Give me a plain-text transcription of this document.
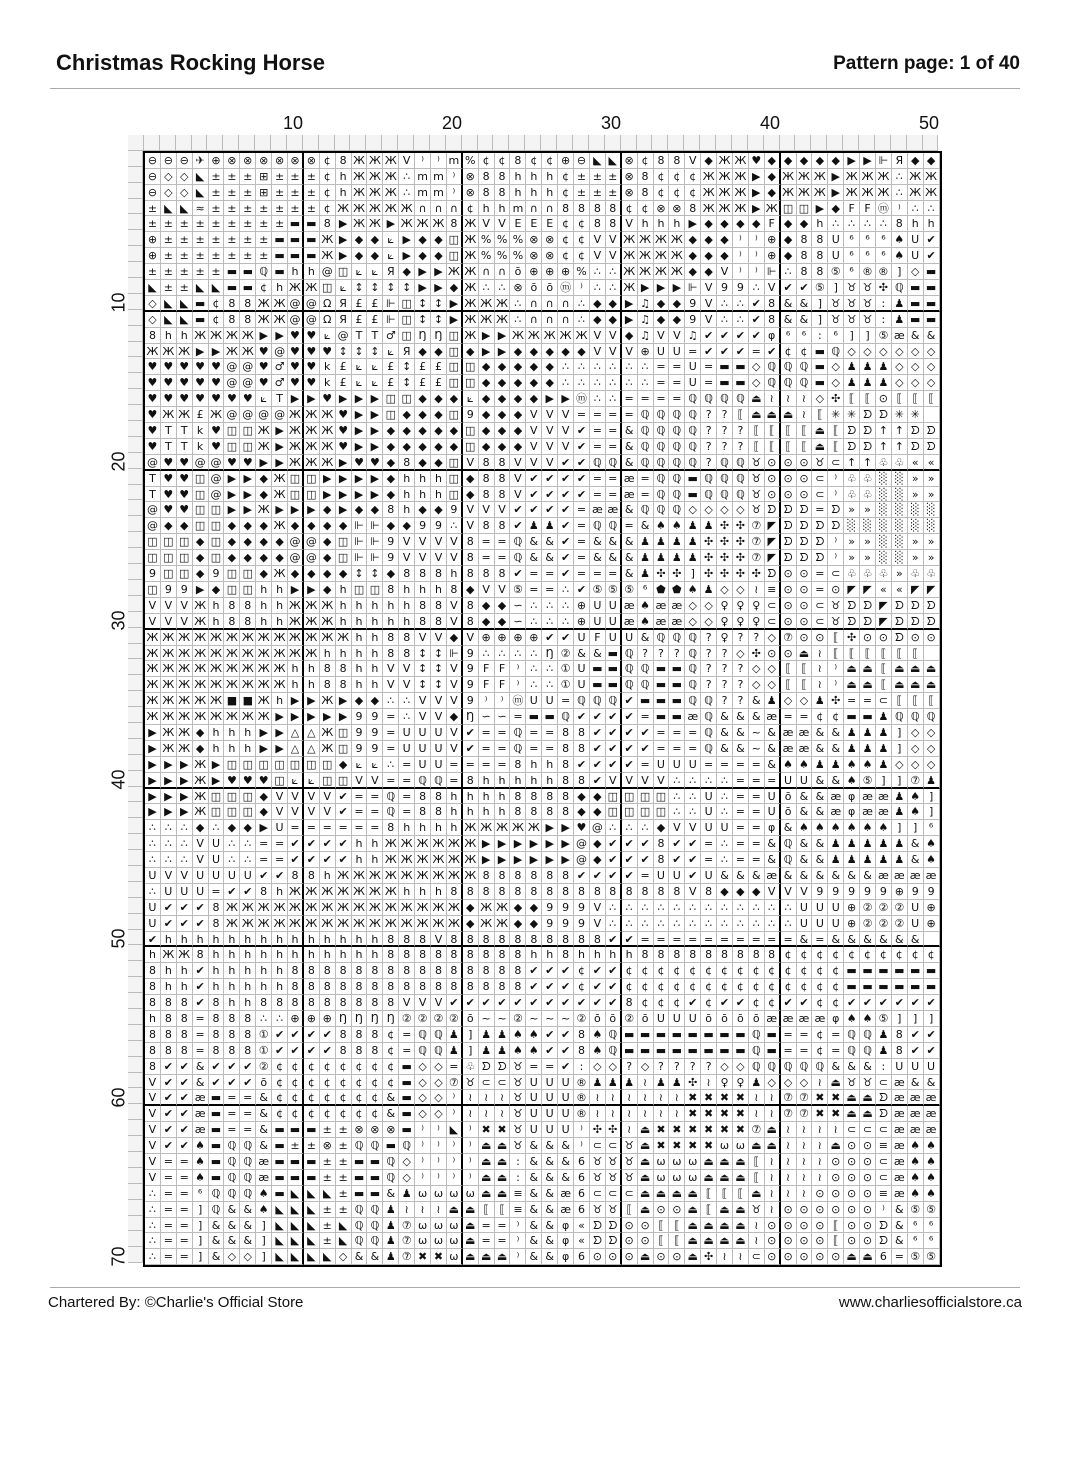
Christmas Rocking Horse	Pattern page: 1 of 40
10	20	30	40	50
10
20
30
40
50
60
70
⊖ ⊖ ⊖ ✈ ⊕ ⊗ ⊗ ⊗ ⊗ ⊗ ⊗ ¢ 8 Ж Ж Ж V ⁾	⁾ m % ¢ ¢ 8 ¢ ¢ ⊕ ⊖ ◣ ◣ ⊗ ¢ 8 8 V ◆ Ж Ж ♥ ◆ ◆ ◆ ◆ ◆ ▶ ▶ ⊩ Я ◆ ◆
⊖ ◇ ◇ ◣ ± ± ± ⊞ ± ± ± ¢ h Ж Ж Ж ∴ m m ⁾ ⊗ 8 8 h h h ¢ ± ± ± ⊗ 8 ¢ ¢ ¢ Ж Ж Ж ▶ ◆ Ж Ж Ж ▶ Ж Ж Ж ∴ Ж Ж
⊖ ◇ ◇ ◣ ± ± ± ⊞ ± ± ± ¢ h Ж Ж Ж ∴ m m ⁾ ⊗ 8 8 h h h ¢ ± ± ± ⊗ 8 ¢ ¢ ¢ Ж Ж Ж ▶ ◆ Ж Ж Ж ▶ Ж Ж Ж ∴ Ж Ж
± ◣ ◣ ≈ ± ± ± ± ± ± ± ¢ Ж Ж Ж Ж Ж ∩ ∩ ∩ ¢ h h m ∩ ∩ 8 8 8 8 ¢ ¢ ⊗ ⊗ 8 Ж Ж Ж ▶ Ж ◫ ◫ ▶ ◆ F F ⓜ ⁾	∴ ∴
± ± ± ± ± ± ± ± ± ▬ ▬ 8 ▶ Ж Ж ▶ Ж Ж Ж 8 Ж V V E E E ¢ ¢ 8 8 V h h h ▶ ◆ ◆ ◆ ◆ F ◆ ◆ h ∴ ∴ ∴ ∴ 8 h h
⊕ ± ± ± ± ± ± ± ▬ ▬ ▬ Ж ▶ ◆ ◆ ⟀ ▶ ◆ ◆ ◫ Ж % % % ⊗ ⊗ ¢ ¢ V V Ж Ж Ж Ж ◆ ◆ ◆ ⁾	⁾ ⊕ ◆ 8 8 U ⁶	⁶	⁶ ♠ U ✔
⊕ ± ± ± ± ± ± ± ▬ ▬ ▬ Ж ▶ ◆ ◆ ⟀ ▶ ◆ ◆ ◫ Ж % % % ⊗ ⊗ ¢ ¢ V V Ж Ж Ж Ж ◆ ◆ ◆ ⁾	⁾ ⊕ ◆ 8 8 U ⁶	⁶	⁶ ♠ U ✔
± ± ± ± ± ▬ ▬ ℚ ▬ h h @ ◫ ⟀ ⟀ Я ◆ ▶ ▶ Ж Ж ∩ ∩ ō ⊕ ⊕ ⊕ % ∴ ∴ Ж Ж Ж Ж ◆ ◆ V ⁾	⁾ ⊩ ∴ 8 8 ⑤ ⁶ ® ® ] ◇ ▬
◣ ± ± ◣ ◣ ▬ ▬ ¢ h Ж Ж ◫ ⟀ ↕ ↕ ↕ ↕ ▶ ▶ ◆ Ж ∴ ∴ ⊗ ō ō ⓜ ⁾	∴ ∴ Ж ▶ ▶ ▶ ⊩ V 9 9 ∴ V ✔ ✔ ⑤ ] ♉ ♉ ✣ ℚ ▬ ▬
◇ ◣ ◣ ▬ ¢ 8 8 Ж Ж @ @ Ω Я £ £ ⊩ ◫ ↕ ↕ ▶ Ж Ж Ж ∴ ∩ ∩ ∩ ∴ ◆ ◆ ▶ ♫ ◆ ◆ 9 V ∴ ∴ ✔ 8 & & ] ♉ ♉ ♉ : ♟ ▬ ▬
◇ ◣ ◣ ▬ ¢ 8 8 Ж Ж @ @ Ω Я £ £ ⊩ ◫ ↕ ↕ ▶ Ж Ж Ж ∴ ∩ ∩ ∩ ∴ ◆ ◆ ▶ ♫ ◆ ◆ 9 V ∴ ∴ ✔ 8 & & ] ♉ ♉ ♉ : ♟ ▬ ▬
8 h h Ж Ж Ж Ж ▶ ▶ ♥ ♥ ⟀ @ T T ♂ ◫ Ŋ Ŋ ◫ Ж ▶ ▶ Ж Ж Ж Ж Ж V V ◆ ♫ V V ♫ ✔ ✔ ✔ ✔ φ ⁶	⁶	:	⁶	]	] ⑤ æ & &
Ж Ж Ж ▶ ▶ Ж Ж ♥ @ ♥ ♥ ♥ ↕ ↕ ↕ ⟀ Я ◆ ◆ ◫ ◆ ▶ ▶ ◆ ◆ ◆ ◆ ◆ V V V ⊕ U U = ✔ ✔ ✔ = ✔ ¢ ¢ ▬ ℚ ◇ ◇ ◇ ◇ ◇ ◇
♥ ♥ ♥ ♥ ♥ @ @ ♥ ♂ ♥ ♥ k £ ⟀ ⟀ £ ↕ £ £ ◫ ◫ ◆ ◆ ◆ ◆ ◆ ∴ ∴ ∴ ∴ ∴ ∴ = = U = ▬ ▬ ◇ ℚ ℚ ℚ ▬ ◇ ♟ ♟ ♟ ◇ ◇ ◇
♥ ♥ ♥ ♥ ♥ @ @ ♥ ♂ ♥ ♥ k £ ⟀ ⟀ £ ↕ £ £ ◫ ◫ ◆ ◆ ◆ ◆ ◆ ∴ ∴ ∴ ∴ ∴ ∴ = = U = ▬ ▬ ◇ ℚ ℚ ℚ ▬ ◇ ♟ ♟ ♟ ◇ ◇ ◇
♥ ♥ ♥ ♥ ♥ ♥ ♥ ⟀ T ▶ ▶ ♥ ▶ ▶ ▶ ◫ ◫ ◆ ◆ ◆ ⟀ ◆ ◆ ◆ ◆ ▶ ▶ ⓜ ∴ ∴ = = = = ℚ ℚ ℚ ℚ ⏏ ≀	≀	≀ ◇ ✣ ⟦ ⟦ ⊙ ⟦ ⟦ ⟦
♥ Ж Ж £ Ж @ @ @ @ Ж Ж Ж ♥ ▶ ▶ ◫ ◆ ◆ ◆ ◫ 9 ◆ ◆ ◆ V V V = = = = ℚ ℚ ℚ ℚ ? ? ⟦ ⏏ ⏏ ⏏ ≀	⟦ ✳ ✳ ᗤ ᗤ ✳ ✳
♥ T T k ♥ ◫ ◫ Ж ▶ Ж Ж Ж ♥ ▶ ▶ ◆ ◆ ◆ ◆ ◆ ◫ ◆ ◆ ◆ V V V ✔ = = & ℚ ℚ ℚ ℚ ? ? ? ⟦ ⟦ ⟦ ⟦ ⏏ ⟦ ᗤ ᗤ ↑ ↑ ᗤ ᗤ
♥ T T k ♥ ◫ ◫ Ж ▶ Ж Ж Ж ♥ ▶ ▶ ◆ ◆ ◆ ◆ ◆ ◫ ◆ ◆ ◆ V V V ✔ = = & ℚ ℚ ℚ ℚ ? ? ? ⟦ ⟦ ⟦ ⟦ ⏏ ⟦ ᗤ ᗤ ↑ ↑ ᗤ ᗤ
@ ♥ ♥ @ @ ♥ ♥ ▶ ▶ Ж Ж Ж ▶ ♥ ♥ ◆ 8 ◆ ◆ ◫ V 8 8 V V V ✔ ✔ ℚ ℚ & ℚ ℚ ℚ ℚ ? ℚ ℚ ♉ ⊙ ⊙ ⊙ ♉ ⊂ ↑ ↑ ♧ ♧ « «
T ♥ ♥ ◫ @ ▶ ▶ ◆ Ж ◫ ◫ ▶ ▶ ▶ ▶ ◆ h h h ◫ ◆ 8 8 V ✔ ✔ ✔ ✔ = = æ = ℚ ℚ ▬ ℚ ℚ ℚ ♉ ⊙ ⊙ ⊙ ⊂ ⁾ ♧ ♧ ░ ░ » »
T ♥ ♥ ◫ @ ▶ ▶ ◆ Ж ◫ ◫ ▶ ▶ ▶ ▶ ◆ h h h ◫ ◆ 8 8 V ✔ ✔ ✔ ✔ = = æ = ℚ ℚ ▬ ℚ ℚ ℚ ♉ ⊙ ⊙ ⊙ ⊂ ⁾ ♧ ♧ ░ ░ » »
@ ♥ ♥ ◫ ◫ ▶ ▶ Ж ▶ ▶ ▶ ◆ ▶ ◆ ◆ 8 h ◆ ◆ 9 V V V ✔ ✔ ✔ ✔ = æ æ & ℚ ℚ ℚ ◇ ◇ ◇ ◇ ♉ ᗤ ᗤ ᗤ = ᗤ » » ░ ░ ░ ░
@ ◆ ◆ ◫ ◫ ◆ ◆ ◆ Ж ◆ ◆ ◆ ◆ ⊩ ⊩ ◆ ◆ 9 9 ∴ V 8 8 ✔ ♟ ♟ ✔ = ℚ ℚ = & ♠ ♠ ♟ ♟ ✣ ✣ ⑦ ◤ ᗤ ᗤ ᗤ ᗤ ░ ░ ░ ░ ░ ░
◫ ◫ ◫ ◆ ◫ ◆ ◆ ◆ ◆ @ @ ◆ ◫ ⊩ ⊩ 9 V V V V 8 = = ℚ & & ✔ = & & & ♟ ♟ ♟ ♟ ✣ ✣ ✣ ⑦ ◤ ᗤ ᗤ ᗤ ⁾	» » ░ ░ » »
◫ ◫ ◫ ◆ ◫ ◆ ◆ ◆ ◆ @ @ ◆ ◫ ⊩ ⊩ 9 V V V V 8 = = ℚ & & ✔ = & & & ♟ ♟ ♟ ♟ ✣ ✣ ✣ ⑦ ◤ ᗤ ᗤ ᗤ ⁾	» » ░ ░ » »
9 ◫ ◫ ◆ 9 ◫ ◫ ◆ Ж ◆ ◆ ◆ ◆ ↕ ↕ ◆ 8 8 8 h 8 8 8 ✔ = = ✔ = = = & ♟ ✣ ✣ ] ✣ ✣ ✣ ✣ ᗤ ⊙ ⊙ = ⊂ ♧ ♧ ♧ » ♧ ♧
◫ 9 9 ▶ ◆ ◫ ◫ h h ▶ ▶ ◆ h ◫ ◫ 8 h h h 8 ◆ V V ⑤ = = ∴ ✔ ⑤ ⑤ ⑤ ⁶ ⬟ ⬟ ♠ ♟ ◇ ◇ ≀ ≡ ⊙ ⊙ = ⊙ ◤ ◤ « « ◤ ◤
V V V Ж h 8 8 h h Ж Ж Ж h h h h h 8 8 V 8 ◆ ◆ ∽ ∴ ∴ ∴ ⊕ U U æ ♠ æ æ ◇ ◇ ♀ ♀ ♀ ⊂ ⊙ ⊙ ⊂ ♉ ᗤ ᗤ ◤ ᗤ ᗤ ᗤ
V V V Ж h 8 8 h h Ж Ж Ж h h h h h 8 8 V 8 ◆ ◆ ∽ ∴ ∴ ∴ ⊕ U U æ ♠ æ æ ◇ ◇ ♀ ♀ ♀ ⊂ ⊙ ⊙ ⊂ ♉ ᗤ ᗤ ◤ ᗤ ᗤ ᗤ
Ж Ж Ж Ж Ж Ж Ж Ж Ж Ж Ж Ж Ж h h 8 8 V V ◆ V ⊕ ⊕ ⊕ ⊕ ✔ ✔ U F U U & ℚ ℚ ℚ ? ♀ ? ? ◇ ⑦ ⊙ ⊙ ⟦ ✣ ⊙ ⊙ ᗤ ⊙ ⊙
Ж Ж Ж Ж Ж Ж Ж Ж Ж Ж Ж h h h h 8 8 ↕ ↕ ⊩ 9 ∴ ∴ ∴ ∴ Ŋ ② & & ▬ ℚ ? ? ? ℚ ? ? ◇ ✣ ⊙ ⊙ ⏏ ≀	⟦ ⟦ ⟦ ⟦ ⟦ ⟦
Ж Ж Ж Ж Ж Ж Ж Ж Ж h h 8 8 h h V V ↕ ↕ V 9 F F	⁾	∴ ∴ ① U ▬ ▬ ℚ ℚ ▬ ▬ ℚ ? ? ? ◇ ◇ ⟦ ⟦	≀	⁾ ⏏ ⏏ ⟦ ⏏ ⏏ ⏏
Ж Ж Ж Ж Ж Ж Ж Ж Ж h h 8 8 h h V V ↕ ↕ V 9 F F	⁾	∴ ∴ ① U ▬ ▬ ℚ ℚ ▬ ▬ ℚ ? ? ? ◇ ◇ ⟦ ⟦	≀	⁾ ⏏ ⏏ ⟦ ⏏ ⏏ ⏏
Ж Ж Ж Ж Ж ■ ■ Ж h ▶ ▶ Ж ▶ ◆ ◆ ∴ ∴ V V V 9	⁾	⁾ ⓜ U U = ℚ ℚ ℚ ✔ ▬ ▬ ▬ ℚ ℚ ? ? & ♟ ◇ ◇ ♟ ✣ = = ⊂ ⟦ ⟦ ⟦
Ж Ж Ж Ж Ж Ж Ж Ж ▶ ▶ ▶ ▶ ▶ 9 9 = ∴ V V ◆ Ŋ ∽ ∽ = ▬ ▬ ℚ ✔ ✔ ✔ ✔ = ▬ ▬ æ ℚ & & & æ = = ¢ ¢ ▬ ▬ ♟ ℚ ℚ ℚ
▶ Ж Ж ◆ h h h ▶ ▶ △ △ Ж ◫ 9 9 = U U U V ✔ = = ℚ = = 8 8 ✔ ✔ ✔ ✔ = = = ℚ & & ~ & æ æ & & ♟ ♟ ♟ ] ◇ ◇
▶ Ж Ж ◆ h h h ▶ ▶ △ △ Ж ◫ 9 9 = U U U V ✔ = = ℚ = = 8 8 ✔ ✔ ✔ ✔ = = = ℚ & & ~ & æ æ & & ♟ ♟ ♟ ] ◇ ◇
▶ ▶ ▶ Ж ▶ ◫ ◫ ◫ ◫ ◫ ◫ ◫ ◆ ⟀ ⟀ ∴ = U U = = = = 8 h h 8 ✔ ✔ ✔ ✔ = U U U = = = = & ♠ ♠ ♟ ♟ ♠ ♠ ♟ ◇ ◇ ◇
▶ ▶ ▶ Ж ▶ ♥ ♥ ♥ ◫ ⟀ ⟀ ◫ ◫ V V = = ℚ ℚ = 8 h h h h h 8 8 ✔ V V V V ∴ ∴ ∴ ∴ = = = U U & & ♠ ⑤ ]	] ⑦ ♟
▶ ▶ ▶ Ж ◫ ◫ ◫ ◆ V V V V ✔ = = ℚ = 8 8 h h h h 8 8 8 8 ◆ ◆ ◫ ◫ ◫ ◫ ∴ ∴ U ∴ = = U ō & & æ φ æ æ ♟ ♠ ]
▶ ▶ ▶ Ж ◫ ◫ ◫ ◆ V V V V ✔ = = ℚ = 8 8 h h h h 8 8 8 8 ◆ ◆ ◫ ◫ ◫ ◫ ∴ ∴ U ∴ = = U ō & & æ φ æ æ ♟ ♠ ]
∴ ∴ ∴ ◆ ∴ ◆ ◆ ▶ U = = = = = = 8 h h h h Ж Ж Ж Ж Ж ▶ ▶ ♥ @ ∴ ∴ ∴ ◆ V V U U = = φ & ♠ ♠ ♠ ♠ ♠ ♠ ]	]	⁶
∴ ∴ ∴ V U ∴ ∴ = = ✔ ✔ ✔ ✔ h h Ж Ж Ж Ж Ж Ж ▶ ▶ ▶ ▶ ▶ ▶ @ ◆ ✔ ✔ ✔ 8 ✔ ✔ = ∴ = = & ℚ & & ♟ ♟ ♟ ♟ ♟ & ♠
∴ ∴ ∴ V U ∴ ∴ = = ✔ ✔ ✔ ✔ h h Ж Ж Ж Ж Ж Ж ▶ ▶ ▶ ▶ ▶ ▶ @ ◆ ✔ ✔ ✔ 8 ✔ ✔ = ∴ = = & ℚ & & ♟ ♟ ♟ ♟ ♟ & ♠
U V V U U U U ✔ ✔ 8 8 h Ж Ж Ж Ж Ж Ж Ж Ж Ж 8 8 8 8 8 8 ✔ ✔ ✔ ✔ = U U ✔ U & & & æ & & & & & & æ æ æ æ
∴ U U U = ✔ ✔ 8 h Ж Ж Ж Ж Ж Ж Ж h h h 8 8 8 8 8 8 8 8 8 8 8 8 8 8 8 V 8 ◆ ◆ ◆ V V V 9 9 9 9 9 ⊕ 9 9
U ✔ ✔ ✔ 8 Ж Ж Ж Ж Ж Ж Ж Ж Ж Ж Ж Ж Ж Ж Ж ◆ Ж Ж ◆ ◆ 9 9 9 V ∴ ∴ ∴ ∴ ∴ ∴ ∴ ∴ ∴ ∴ ∴ ∴ U U U ⊕ ② ② ② U ⊕
U ✔ ✔ ✔ 8 Ж Ж Ж Ж Ж Ж Ж Ж Ж Ж Ж Ж Ж Ж Ж ◆ Ж Ж ◆ ◆ 9 9 9 V ∴ ∴ ∴ ∴ ∴ ∴ ∴ ∴ ∴ ∴ ∴ ∴ U U U ⊕ ② ② ② U ⊕
✔ h h h h h h h h h h h h h h 8 8 8 V 8 8 8 8 8 8 8 8 8 8 ✔ ✔ = = = = = = = = = = & = & & & & & &
h Ж Ж 8 h h h h h h h h h h h 8 8 8 8 8 8 8 8 8 h h 8 h h h h 8 8 8 8 8 8 8 8 8 ¢ ¢ ¢ ¢ ¢ ¢ ¢ ¢ ¢ ¢
8 h h ✔ h h h h h 8 8 8 8 8 8 8 8 8 8 8 8 8 8 8 ✔ ✔ ✔ ¢ ✔ ✔ ¢ ¢ ¢ ¢ ¢ ¢ ¢ ¢ ¢ ¢ ¢ ¢ ¢ ¢ ▬ ▬ ▬ ▬ ▬ ▬
8 h h ✔ h h h h h 8 8 8 8 8 8 8 8 8 8 8 8 8 8 8 ✔ ✔ ✔ ¢ ✔ ✔ ¢ ¢ ¢ ¢ ¢ ¢ ¢ ¢ ¢ ¢ ¢ ¢ ¢ ¢ ▬ ▬ ▬ ▬ ▬ ▬
8 8 8 ✔ 8 h h 8 8 8 8 8 8 8 8 8 V V V ✔ ✔ ✔ ✔ ✔ ✔ ✔ ✔ ✔ ✔ ✔ 8 ¢ ¢ ¢ ✔ ¢ ✔ ✔ ¢ ¢ ✔ ✔ ¢ ¢ ✔ ✔ ✔ ✔ ✔ ✔
h 8 8 = 8 8 8 ∴ ∴ ⊕ ⊕ ⊕ Ŋ Ŋ Ŋ Ŋ ② ② ② ② ō ~ ~ ② ~ ~ ~ ② ō ō ② ō U U U ō ō ō ō æ æ æ æ φ ♠ ♠ ⑤ ]	]	]
8 8 8 = 8 8 8 ① ✔ ✔ ✔ ✔ 8 8 8 ¢ = ℚ ℚ ♟ ] ♟ ♟ ♠ ♠ ✔ ✔ 8 ♠ ℚ ▬ ▬ ▬ ▬ ▬ ▬ ▬ ▬ ℚ ▬ = = ¢ = ℚ ℚ ♟ 8 ✔ ✔
8 8 8 = 8 8 8 ① ✔ ✔ ✔ ✔ 8 8 8 ¢ = ℚ ℚ ♟ ] ♟ ♟ ♠ ♠ ✔ ✔ 8 ♠ ℚ ▬ ▬ ▬ ▬ ▬ ▬ ▬ ▬ ℚ ▬ = = ¢ = ℚ ℚ ♟ 8 ✔ ✔
8 ✔ ✔ & ✔ ✔ ✔ ② ¢ ¢ ¢ ¢ ¢ ¢ ¢ ¢ ▬ ◇ ◇ = ♧ ᗤ ᗤ ♉ = = ✔ : ◇ ◇ ? ◇ ? ? ? ? ◇ ◇ ℚ ℚ ℚ ℚ ℚ & & & : U U U
V ✔ ✔ & ✔ ✔ ✔ ō ¢ ¢ ¢ ¢ ¢ ¢ ¢ ¢ ▬ ◇ ◇ ⑦ ♉ ⊂ ⊂ ♉ U U U ® ♟ ♟ ♟ ≀ ♟ ♟ ✣ ≀ ♀ ♀ ♟ ◇ ◇ ◇ ≀ ⏏ ♉ ♉ ⊂ æ & &
V ✔ ✔ æ ▬ = = & ¢ ¢ ¢ ¢ ¢ ¢ ¢ & ▬ ◇ ◇ ⁾	≀	≀	≀ ♉ U U U ® ≀	≀	≀	≀	≀	≀ ✖ ✖ ✖ ✖ ≀	≀ ⑦ ⑦ ✖ ✖ ⏏ ⏏ ᗤ æ æ æ
V ✔ ✔ æ ▬ = = & ¢ ¢ ¢ ¢ ¢ ¢ ¢ & ▬ ◇ ◇ ⁾	≀	≀	≀ ♉ U U U ® ≀	≀	≀	≀	≀	≀ ✖ ✖ ✖ ✖ ≀	≀ ⑦ ⑦ ✖ ✖ ⏏ ⏏ ᗤ æ æ æ
V ✔ ✔ æ ▬ = = & ▬ ▬ ▬ ± ± ⊗ ⊗ ⊗ ▬ ⁾	⁾ ◣ ⁾ ✖ ✖ ♉ U U U ⁾ ✣ ✣ ≀ ⏏ ✖ ✖ ✖ ✖ ✖ ✖ ⑦ ⏏ ≀	≀	≀	≀ ⊂ ⊂ ⊂ æ æ æ
V ✔ ✔ ♠ ▬ ℚ ℚ & ▬ ± ± ⊗ ± ℚ ℚ ▬ ℚ ⁾	⁾	⁾	⁾ ⏏ ⏏ ♉ & & & ⁾ ⊂ ⊂ ♉ ⏏ ✖ ✖ ✖ ✖ ω ω ⏏ ⏏ ≀	≀	≀ ⏏ ⊙ ⊙ ≡ æ ♠ ♠
V = = ♠ ▬ ℚ ℚ æ ▬ ▬ ▬ ± ± ▬ ▬ ℚ ◇ ⁾	⁾	⁾	⁾ ⏏ ⏏ : & & & 6 ♉ ♉ ♉ ⏏ ω ω ω ⏏ ⏏ ⏏ ⟦ ≀	≀	≀	≀ ⊙ ⊙ ⊙ ⊂ æ ♠ ♠
V = = ♠ ▬ ℚ ℚ æ ▬ ▬ ▬ ± ± ▬ ▬ ℚ ◇ ⁾	⁾	⁾	⁾ ⏏ ⏏ : & & & 6 ♉ ♉ ♉ ⏏ ω ω ω ⏏ ⏏ ⏏ ⟦ ≀	≀	≀	≀ ⊙ ⊙ ⊙ ⊂ æ ♠ ♠
∴ = = ⁶ ℚ ℚ ℚ ♠ ▬ ◣ ◣ ◣ ± ▬ ▬ & ♟ ω ω ω ω ⏏ ⏏ ≡ & & æ 6 ⊂ ⊂ ⊂ ⏏ ⏏ ⏏ ⏏ ⟦ ⟦ ⟦ ⏏ ≀	≀	≀ ⊙ ⊙ ⊙ ⊙ ≡ æ ♠ ♠
∴ = = ] ℚ & & ♠ ◣ ◣ ◣ ± ± ℚ ℚ ♟ ≀	≀	≀ ⏏ ⏏ ⟦ ⟦ ≡ & & æ 6 ♉ ♉ ⟦ ⏏ ⊙ ⊙ ⏏ ⟦ ⏏ ⏏ ♉ ≀ ⊙ ⊙ ⊙ ⊙ ⊙ ⊙ ⁾ & ⑤ ⑤
∴ = = ] & & & ] ◣ ◣ ◣ ± ◣ ℚ ℚ ♟ ⑦ ω ω ω ⏏ = = ⁾ & & φ « ᗤ ᗤ ⊙ ⊙ ⟦ ⟦ ⏏ ⏏ ⏏ ⏏ ≀ ⊙ ⊙ ⊙ ⊙ ⟦ ⊙ ⊙ ᗤ & ⁶	⁶
∴ = = ] & & & ] ◣ ◣ ◣ ± ◣ ℚ ℚ ♟ ⑦ ω ω ω ⏏ = = ⁾ & & φ « ᗤ ᗤ ⊙ ⊙ ⟦ ⟦ ⏏ ⏏ ⏏ ⏏ ≀ ⊙ ⊙ ⊙ ⊙ ⟦ ⊙ ⊙ ᗤ & ⁶	⁶
∴ = = ] & ◇ ◇ ] ◣ ◣ ◣ ◣ ◇ & & ♟ ⑦ ✖ ✖ ω ⏏ ⏏ ⏏ ⁾ & & φ 6 ⊙ ⊙ ⊙ ⏏ ⊙ ⊙ ⏏ ✣ ≀	≀ ⊂ ⊙ ⊙ ⊙ ⊙ ⊙ ⏏ ⏏ 6 = ⑤ ⑤
Chartered By: ©Charlie's Official Store	www.charliesofficialstore.ca
